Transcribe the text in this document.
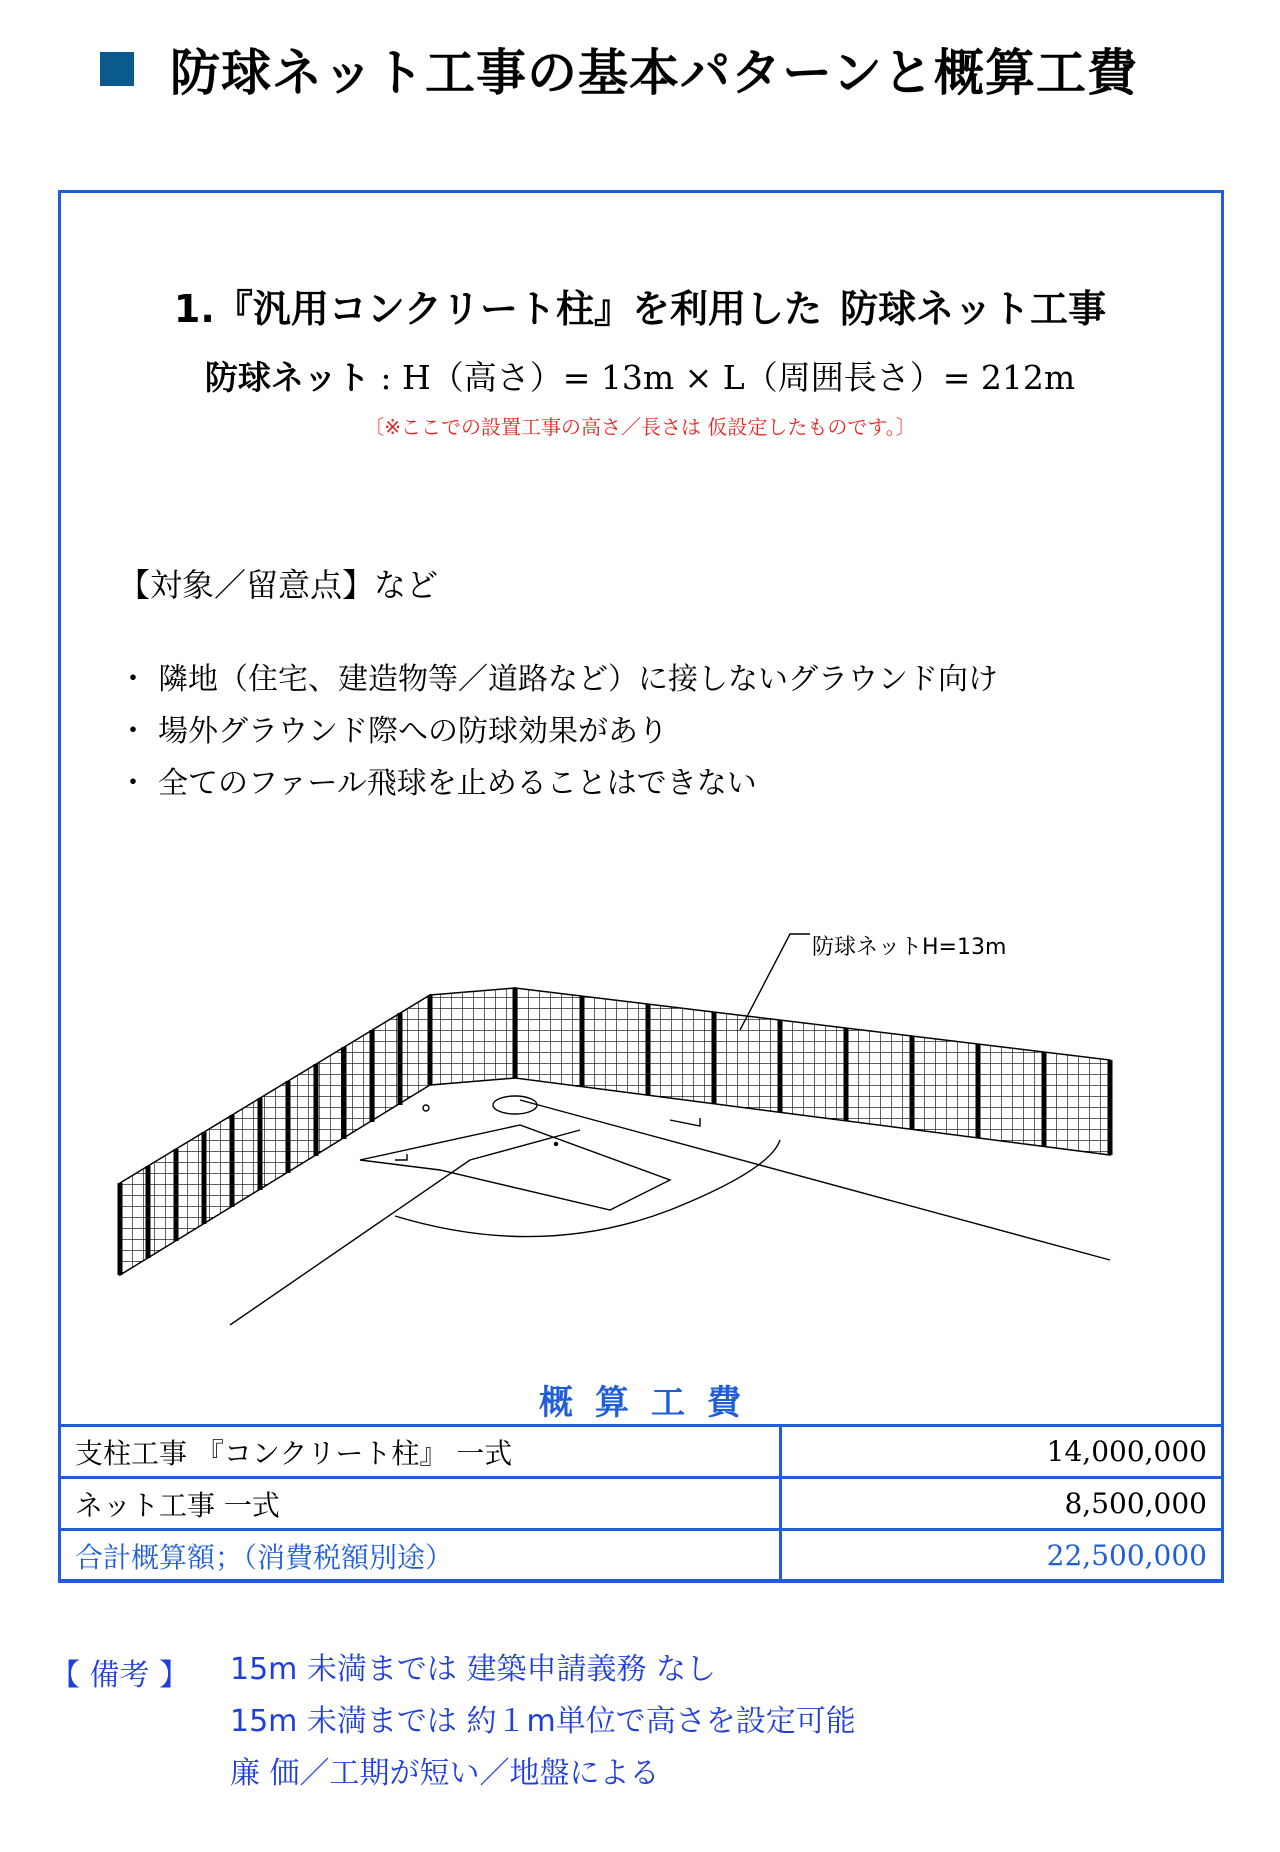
防球ネット工事の基本パターンと概算工費
1.『汎用コンクリート柱』を利用した 防球ネット工事
防球ネット : H（高さ）= 13m × L（周囲長さ）= 212m
〔※ここでの設置工事の高さ／長さは 仮設定したものです。〕
【対象／留意点】など
・ 隣地（住宅、建造物等／道路など）に接しないグラウンド向け
・ 場外グラウンド際への防球効果があり
・ 全てのファール飛球を止めることはできない
防球ネットH=13m
概算工費
支柱工事 『コンクリート柱』 一式	14,000,000
ネット工事 一式	8,500,000
合計概算額；（消費税額別途）	22,500,000
【 備考 】 15m 未満までは 建築申請義務 なし
15m 未満までは 約１m単位で高さを設定可能
廉 価／工期が短い／地盤による
